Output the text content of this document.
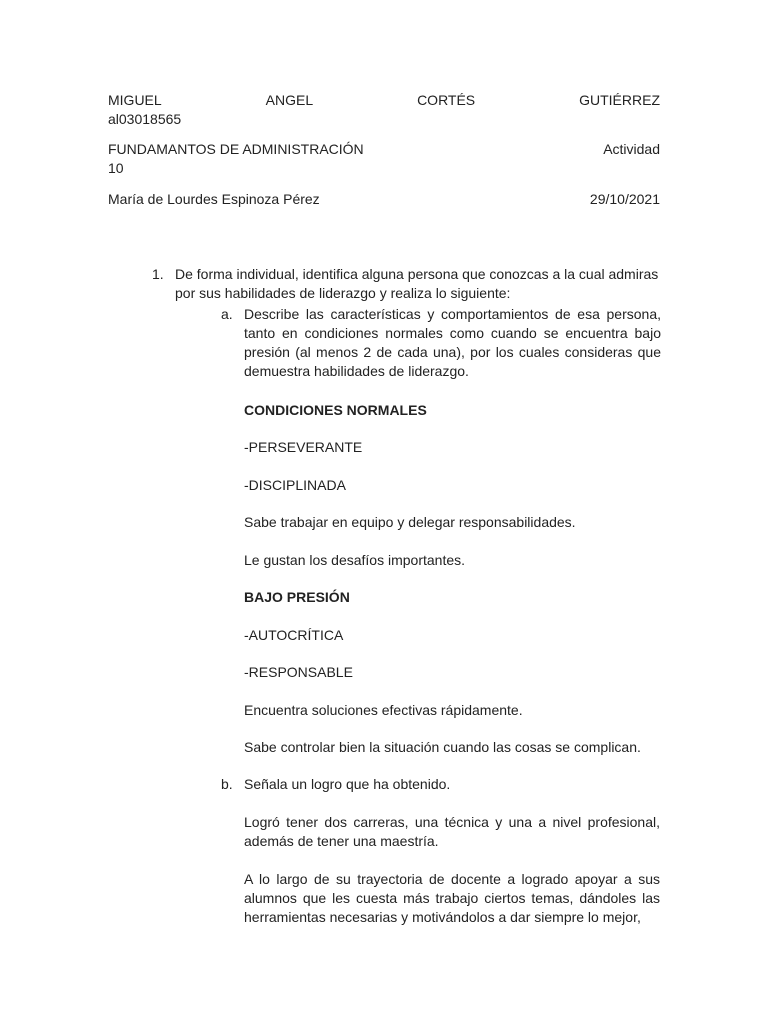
MIGUEL	ANGEL	CORTÉS	GUTIÉRREZ
al03018565
FUNDAMANTOS DE ADMINISTRACIÓN	Actividad
10
María de Lourdes Espinoza Pérez	29/10/2021
1. De forma individual, identifica alguna persona que conozcas a la cual admiras por sus habilidades de liderazgo y realiza lo siguiente:
a. Describe las características y comportamientos de esa persona, tanto en condiciones normales como cuando se encuentra bajo presión (al menos 2 de cada una), por los cuales consideras que demuestra habilidades de liderazgo.
CONDICIONES NORMALES
-PERSEVERANTE
-DISCIPLINADA
Sabe trabajar en equipo y delegar responsabilidades.
Le gustan los desafíos importantes.
BAJO PRESIÓN
-AUTOCRÍTICA
-RESPONSABLE
Encuentra soluciones efectivas rápidamente.
Sabe controlar bien la situación cuando las cosas se complican.
b. Señala un logro que ha obtenido.
Logró tener dos carreras, una técnica y una a nivel profesional, además de tener una maestría.
A lo largo de su trayectoria de docente a logrado apoyar a sus alumnos que les cuesta más trabajo ciertos temas, dándoles las herramientas necesarias y motivándolos a dar siempre lo mejor,
